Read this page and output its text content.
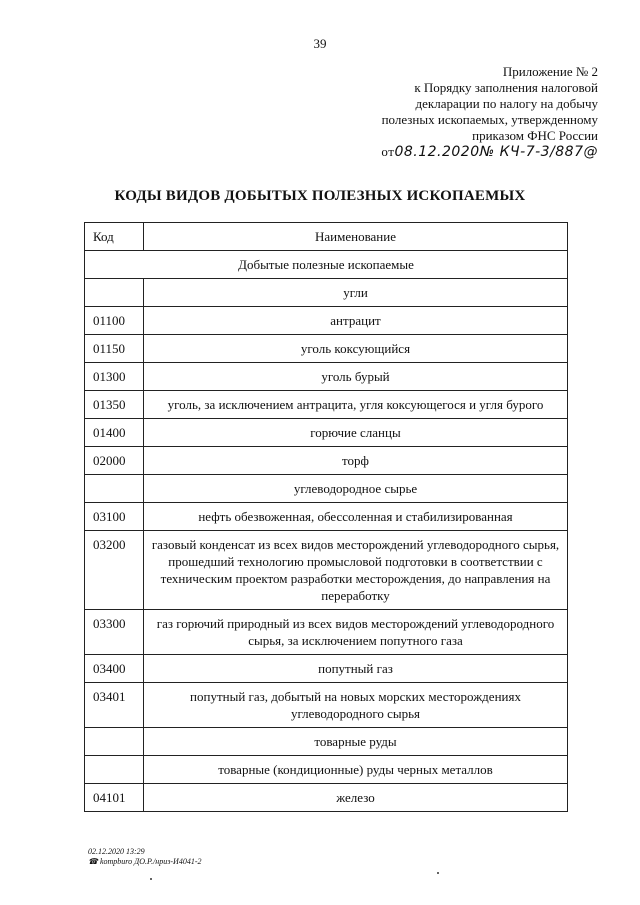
39
Приложение № 2
к Порядку заполнения налоговой
декларации по налогу на добычу
полезных ископаемых, утвержденному
приказом ФНС России
от08.12.2020№ КЧ-7-3/887@
КОДЫ ВИДОВ ДОБЫТЫХ ПОЛЕЗНЫХ ИСКОПАЕМЫХ
Код	Наименование
Добытые полезные ископаемые	
	угли
01100	антрацит
01150	уголь коксующийся
01300	уголь бурый
01350	уголь, за исключением антрацита, угля коксующегося и угля бурого
01400	горючие сланцы
02000	торф
	углеводородное сырье
03100	нефть обезвоженная, обессоленная и стабилизированная
03200	газовый конденсат из всех видов месторождений углеводородного сырья, прошедший технологию промысловой подготовки в соответствии с техническим проектом разработки месторождения, до направления на переработку
03300	газ горючий природный из всех видов месторождений углеводородного сырья, за исключением попутного газа
03400	попутный газ
03401	попутный газ, добытый на новых морских месторождениях углеводородного сырья
	товарные руды
	товарные (кондиционные) руды черных металлов
04101	железо
02.12.2020 13:29
☎ kompburo ДО.Р./нриз-И4041-2
